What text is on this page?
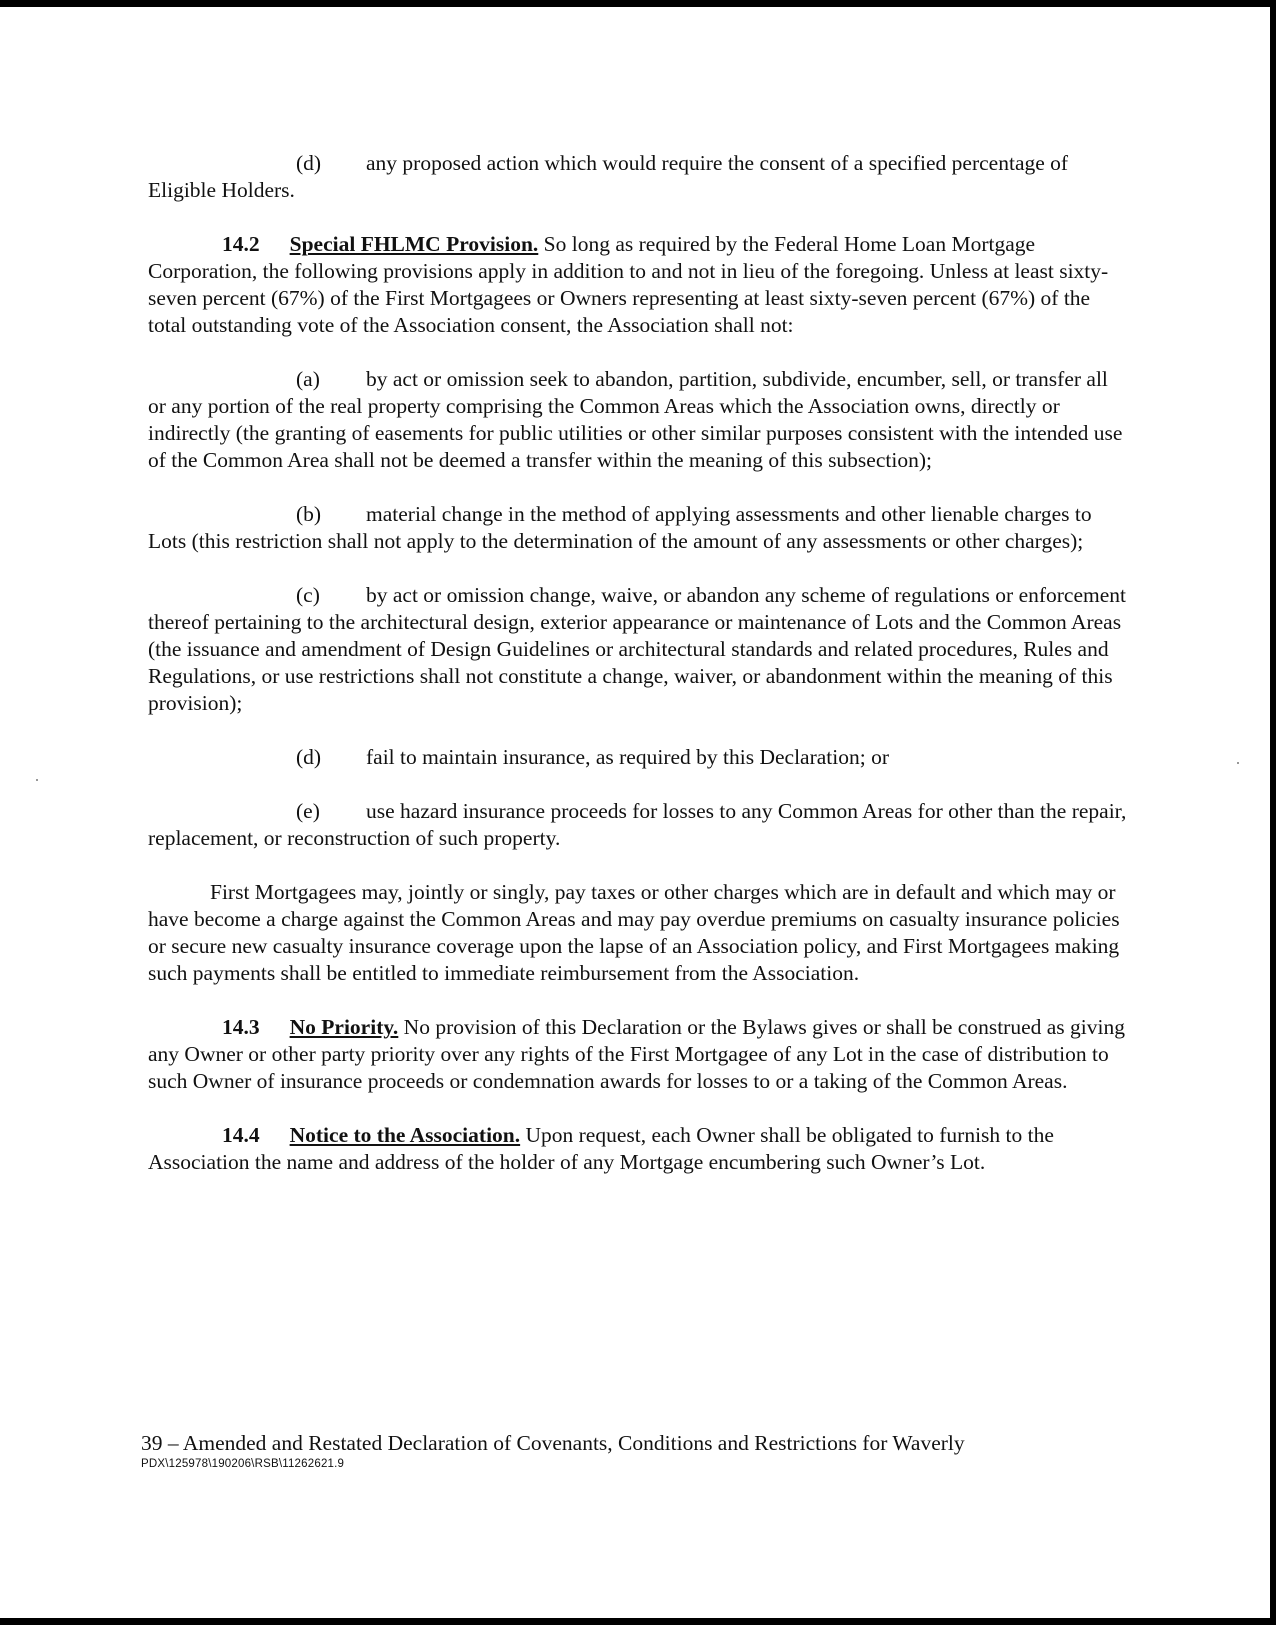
(d) any proposed action which would require the consent of a specified percentage of Eligible Holders.

14.2 Special FHLMC Provision. So long as required by the Federal Home Loan Mortgage Corporation, the following provisions apply in addition to and not in lieu of the foregoing. Unless at least sixty-seven percent (67%) of the First Mortgagees or Owners representing at least sixty-seven percent (67%) of the total outstanding vote of the Association consent, the Association shall not:

(a) by act or omission seek to abandon, partition, subdivide, encumber, sell, or transfer all or any portion of the real property comprising the Common Areas which the Association owns, directly or indirectly (the granting of easements for public utilities or other similar purposes consistent with the intended use of the Common Area shall not be deemed a transfer within the meaning of this subsection);

(b) material change in the method of applying assessments and other lienable charges to Lots (this restriction shall not apply to the determination of the amount of any assessments or other charges);

(c) by act or omission change, waive, or abandon any scheme of regulations or enforcement thereof pertaining to the architectural design, exterior appearance or maintenance of Lots and the Common Areas (the issuance and amendment of Design Guidelines or architectural standards and related procedures, Rules and Regulations, or use restrictions shall not constitute a change, waiver, or abandonment within the meaning of this provision);

(d) fail to maintain insurance, as required by this Declaration; or

(e) use hazard insurance proceeds for losses to any Common Areas for other than the repair, replacement, or reconstruction of such property.

First Mortgagees may, jointly or singly, pay taxes or other charges which are in default and which may or have become a charge against the Common Areas and may pay overdue premiums on casualty insurance policies or secure new casualty insurance coverage upon the lapse of an Association policy, and First Mortgagees making such payments shall be entitled to immediate reimbursement from the Association.

14.3 No Priority. No provision of this Declaration or the Bylaws gives or shall be construed as giving any Owner or other party priority over any rights of the First Mortgagee of any Lot in the case of distribution to such Owner of insurance proceeds or condemnation awards for losses to or a taking of the Common Areas.

14.4 Notice to the Association. Upon request, each Owner shall be obligated to furnish to the Association the name and address of the holder of any Mortgage encumbering such Owner’s Lot.

39 – Amended and Restated Declaration of Covenants, Conditions and Restrictions for Waverly
PDX\125978\190206\RSB\11262621.9
